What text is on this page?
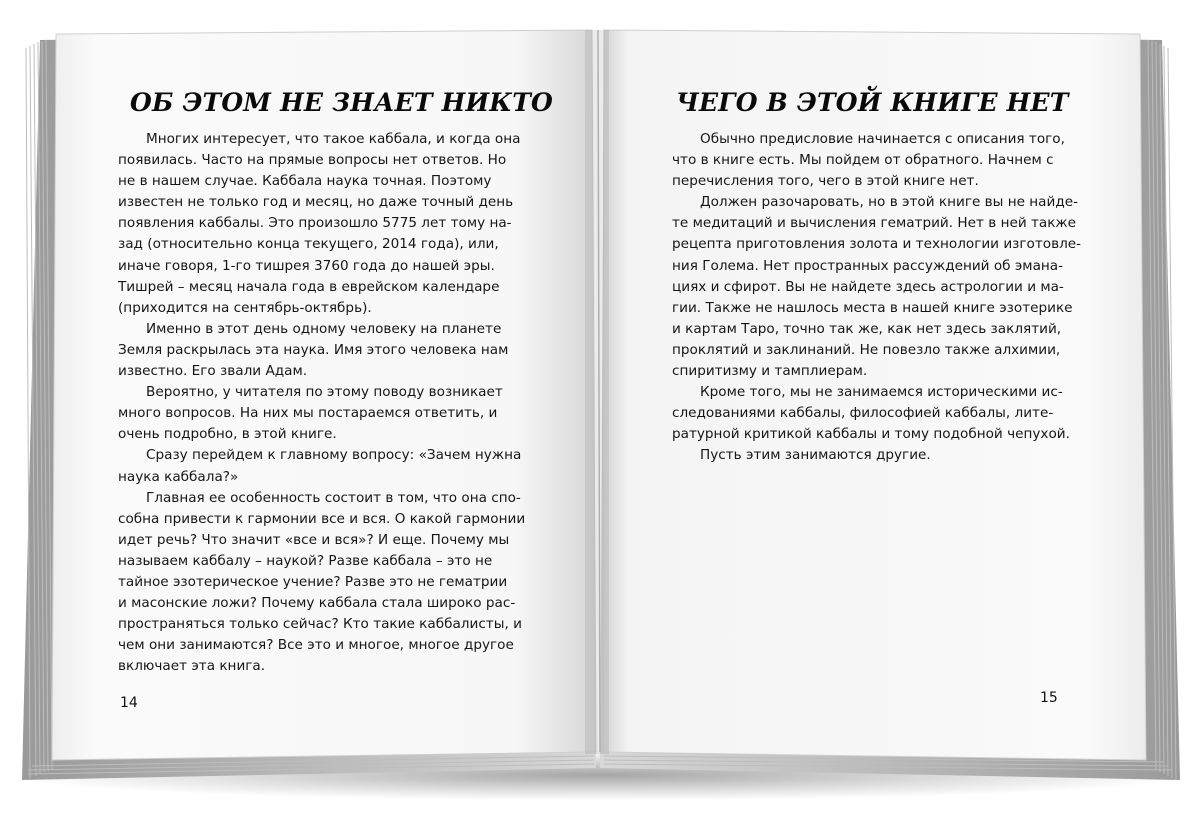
ОБ ЭТОМ НЕ ЗНАЕТ НИКТО

Многих интересует, что такое каббала, и когда она
появилась. Часто на прямые вопросы нет ответов. Но
не в нашем случае. Каббала наука точная. Поэтому
известен не только год и месяц, но даже точный день
появления каббалы. Это произошло 5775 лет тому на-
зад (относительно конца текущего, 2014 года), или,
иначе говоря, 1-го тишрея 3760 года до нашей эры.
Тишрей – месяц начала года в еврейском календаре
(приходится на сентябрь-октябрь).

Именно в этот день одному человеку на планете
Земля раскрылась эта наука. Имя этого человека нам
известно. Его звали Адам.

Вероятно, у читателя по этому поводу возникает
много вопросов. На них мы постараемся ответить, и
очень подробно, в этой книге.

Сразу перейдем к главному вопросу: «Зачем нужна
наука каббала?»

Главная ее особенность состоит в том, что она спо-
собна привести к гармонии все и вся. О какой гармонии
идет речь? Что значит «все и вся»? И еще. Почему мы
называем каббалу – наукой? Разве каббала – это не
тайное эзотерическое учение? Разве это не гематрии
и масонские ложи? Почему каббала стала широко рас-
пространяться только сейчас? Кто такие каббалисты, и
чем они занимаются? Все это и многое, многое другое
включает эта книга.

ЧЕГО В ЭТОЙ КНИГЕ НЕТ

Обычно предисловие начинается с описания того,
что в книге есть. Мы пойдем от обратного. Начнем с
перечисления того, чего в этой книге нет.

Должен разочаровать, но в этой книге вы не найде-
те медитаций и вычисления гематрий. Нет в ней также
рецепта приготовления золота и технологии изготовле-
ния Голема. Нет пространных рассуждений об эмана-
циях и сфирот. Вы не найдете здесь астрологии и ма-
гии. Также не нашлось места в нашей книге эзотерике
и картам Таро, точно так же, как нет здесь заклятий,
проклятий и заклинаний. Не повезло также алхимии,
спиритизму и тамплиерам.

Кроме того, мы не занимаемся историческими ис-
следованиями каббалы, философией каббалы, лите-
ратурной критикой каббалы и тому подобной чепухой.

Пусть этим занимаются другие.

14	15
